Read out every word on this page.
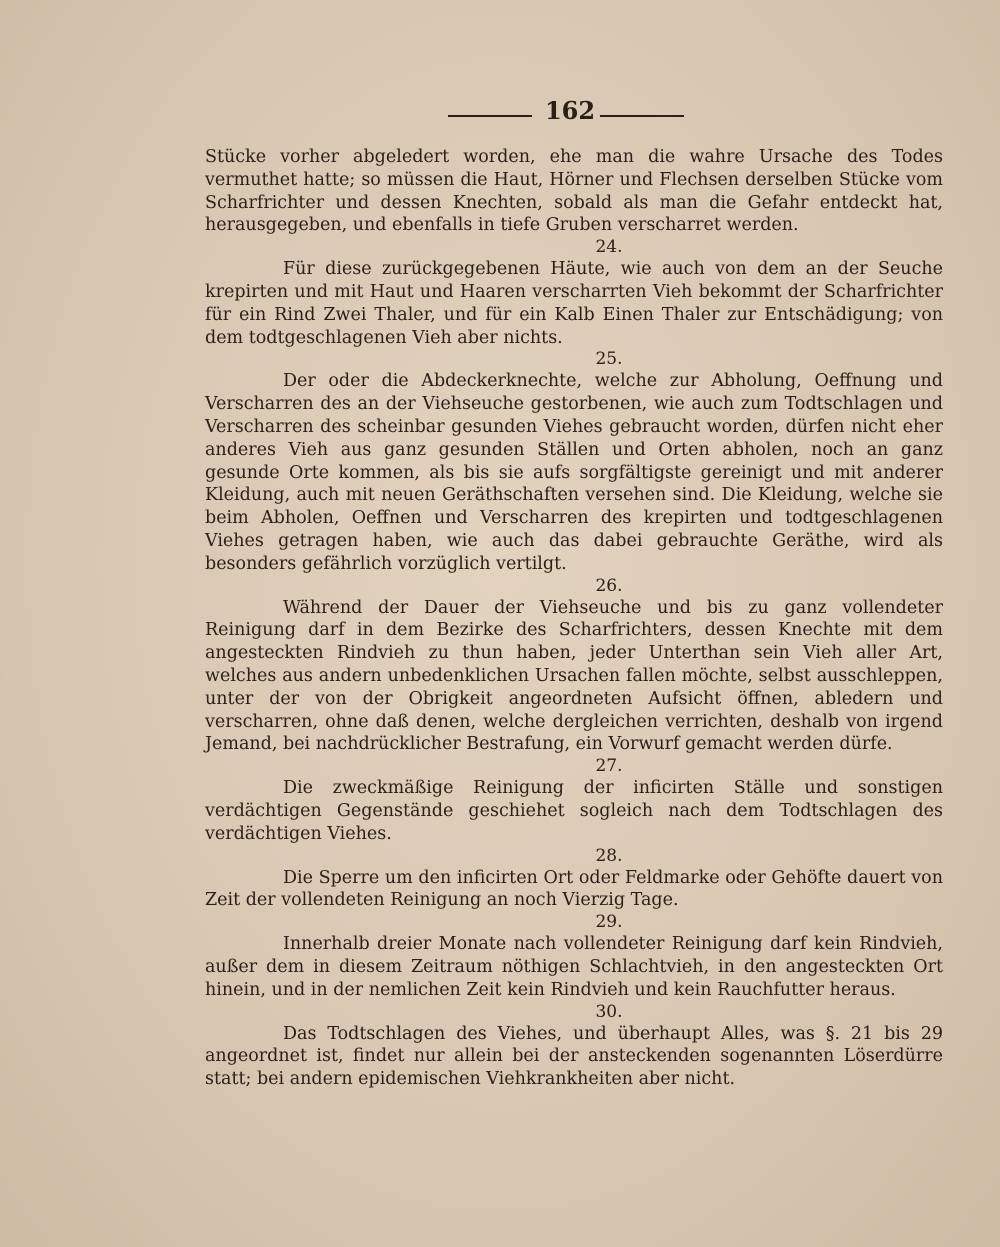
162

Stücke vorher abgeledert worden, ehe man die wahre Ursache des Todes vermuthet hatte; so müssen die Haut, Hörner und Flechsen derselben Stücke vom Scharfrichter und dessen Knechten, sobald als man die Gefahr entdeckt hat, herausgegeben, und ebenfalls in tiefe Gruben verscharret werden.

24.

Für diese zurückgegebenen Häute, wie auch von dem an der Seuche krepirten und mit Haut und Haaren verscharrten Vieh bekommt der Scharfrichter für ein Rind Zwei Thaler, und für ein Kalb Einen Thaler zur Entschädigung; von dem todtgeschlagenen Vieh aber nichts.

25.

Der oder die Abdeckerknechte, welche zur Abholung, Oeffnung und Verscharren des an der Viehseuche gestorbenen, wie auch zum Todtschlagen und Verscharren des scheinbar gesunden Viehes gebraucht worden, dürfen nicht eher anderes Vieh aus ganz gesunden Ställen und Orten abholen, noch an ganz gesunde Orte kommen, als bis sie aufs sorgfältigste gereinigt und mit anderer Kleidung, auch mit neuen Geräthschaften versehen sind. Die Kleidung, welche sie beim Abholen, Oeffnen und Verscharren des krepirten und todtgeschlagenen Viehes getragen haben, wie auch das dabei gebrauchte Geräthe, wird als besonders gefährlich vorzüglich vertilgt.

26.

Während der Dauer der Viehseuche und bis zu ganz vollendeter Reinigung darf in dem Bezirke des Scharfrichters, dessen Knechte mit dem angesteckten Rindvieh zu thun haben, jeder Unterthan sein Vieh aller Art, welches aus andern unbedenklichen Ursachen fallen möchte, selbst ausschleppen, unter der von der Obrigkeit angeordneten Aufsicht öffnen, abledern und verscharren, ohne daß denen, welche dergleichen verrichten, deshalb von irgend Jemand, bei nachdrücklicher Bestrafung, ein Vorwurf gemacht werden dürfe.

27.

Die zweckmäßige Reinigung der inficirten Ställe und sonstigen verdächtigen Gegenstände geschiehet sogleich nach dem Todtschlagen des verdächtigen Viehes.

28.

Die Sperre um den inficirten Ort oder Feldmarke oder Gehöfte dauert von Zeit der vollendeten Reinigung an noch Vierzig Tage.

29.

Innerhalb dreier Monate nach vollendeter Reinigung darf kein Rindvieh, außer dem in diesem Zeitraum nöthigen Schlachtvieh, in den angesteckten Ort hinein, und in der nemlichen Zeit kein Rindvieh und kein Rauchfutter heraus.

30.

Das Todtschlagen des Viehes, und überhaupt Alles, was §. 21 bis 29 angeordnet ist, findet nur allein bei der ansteckenden sogenannten Löserdürre statt; bei andern epidemischen Viehkrankheiten aber nicht.
